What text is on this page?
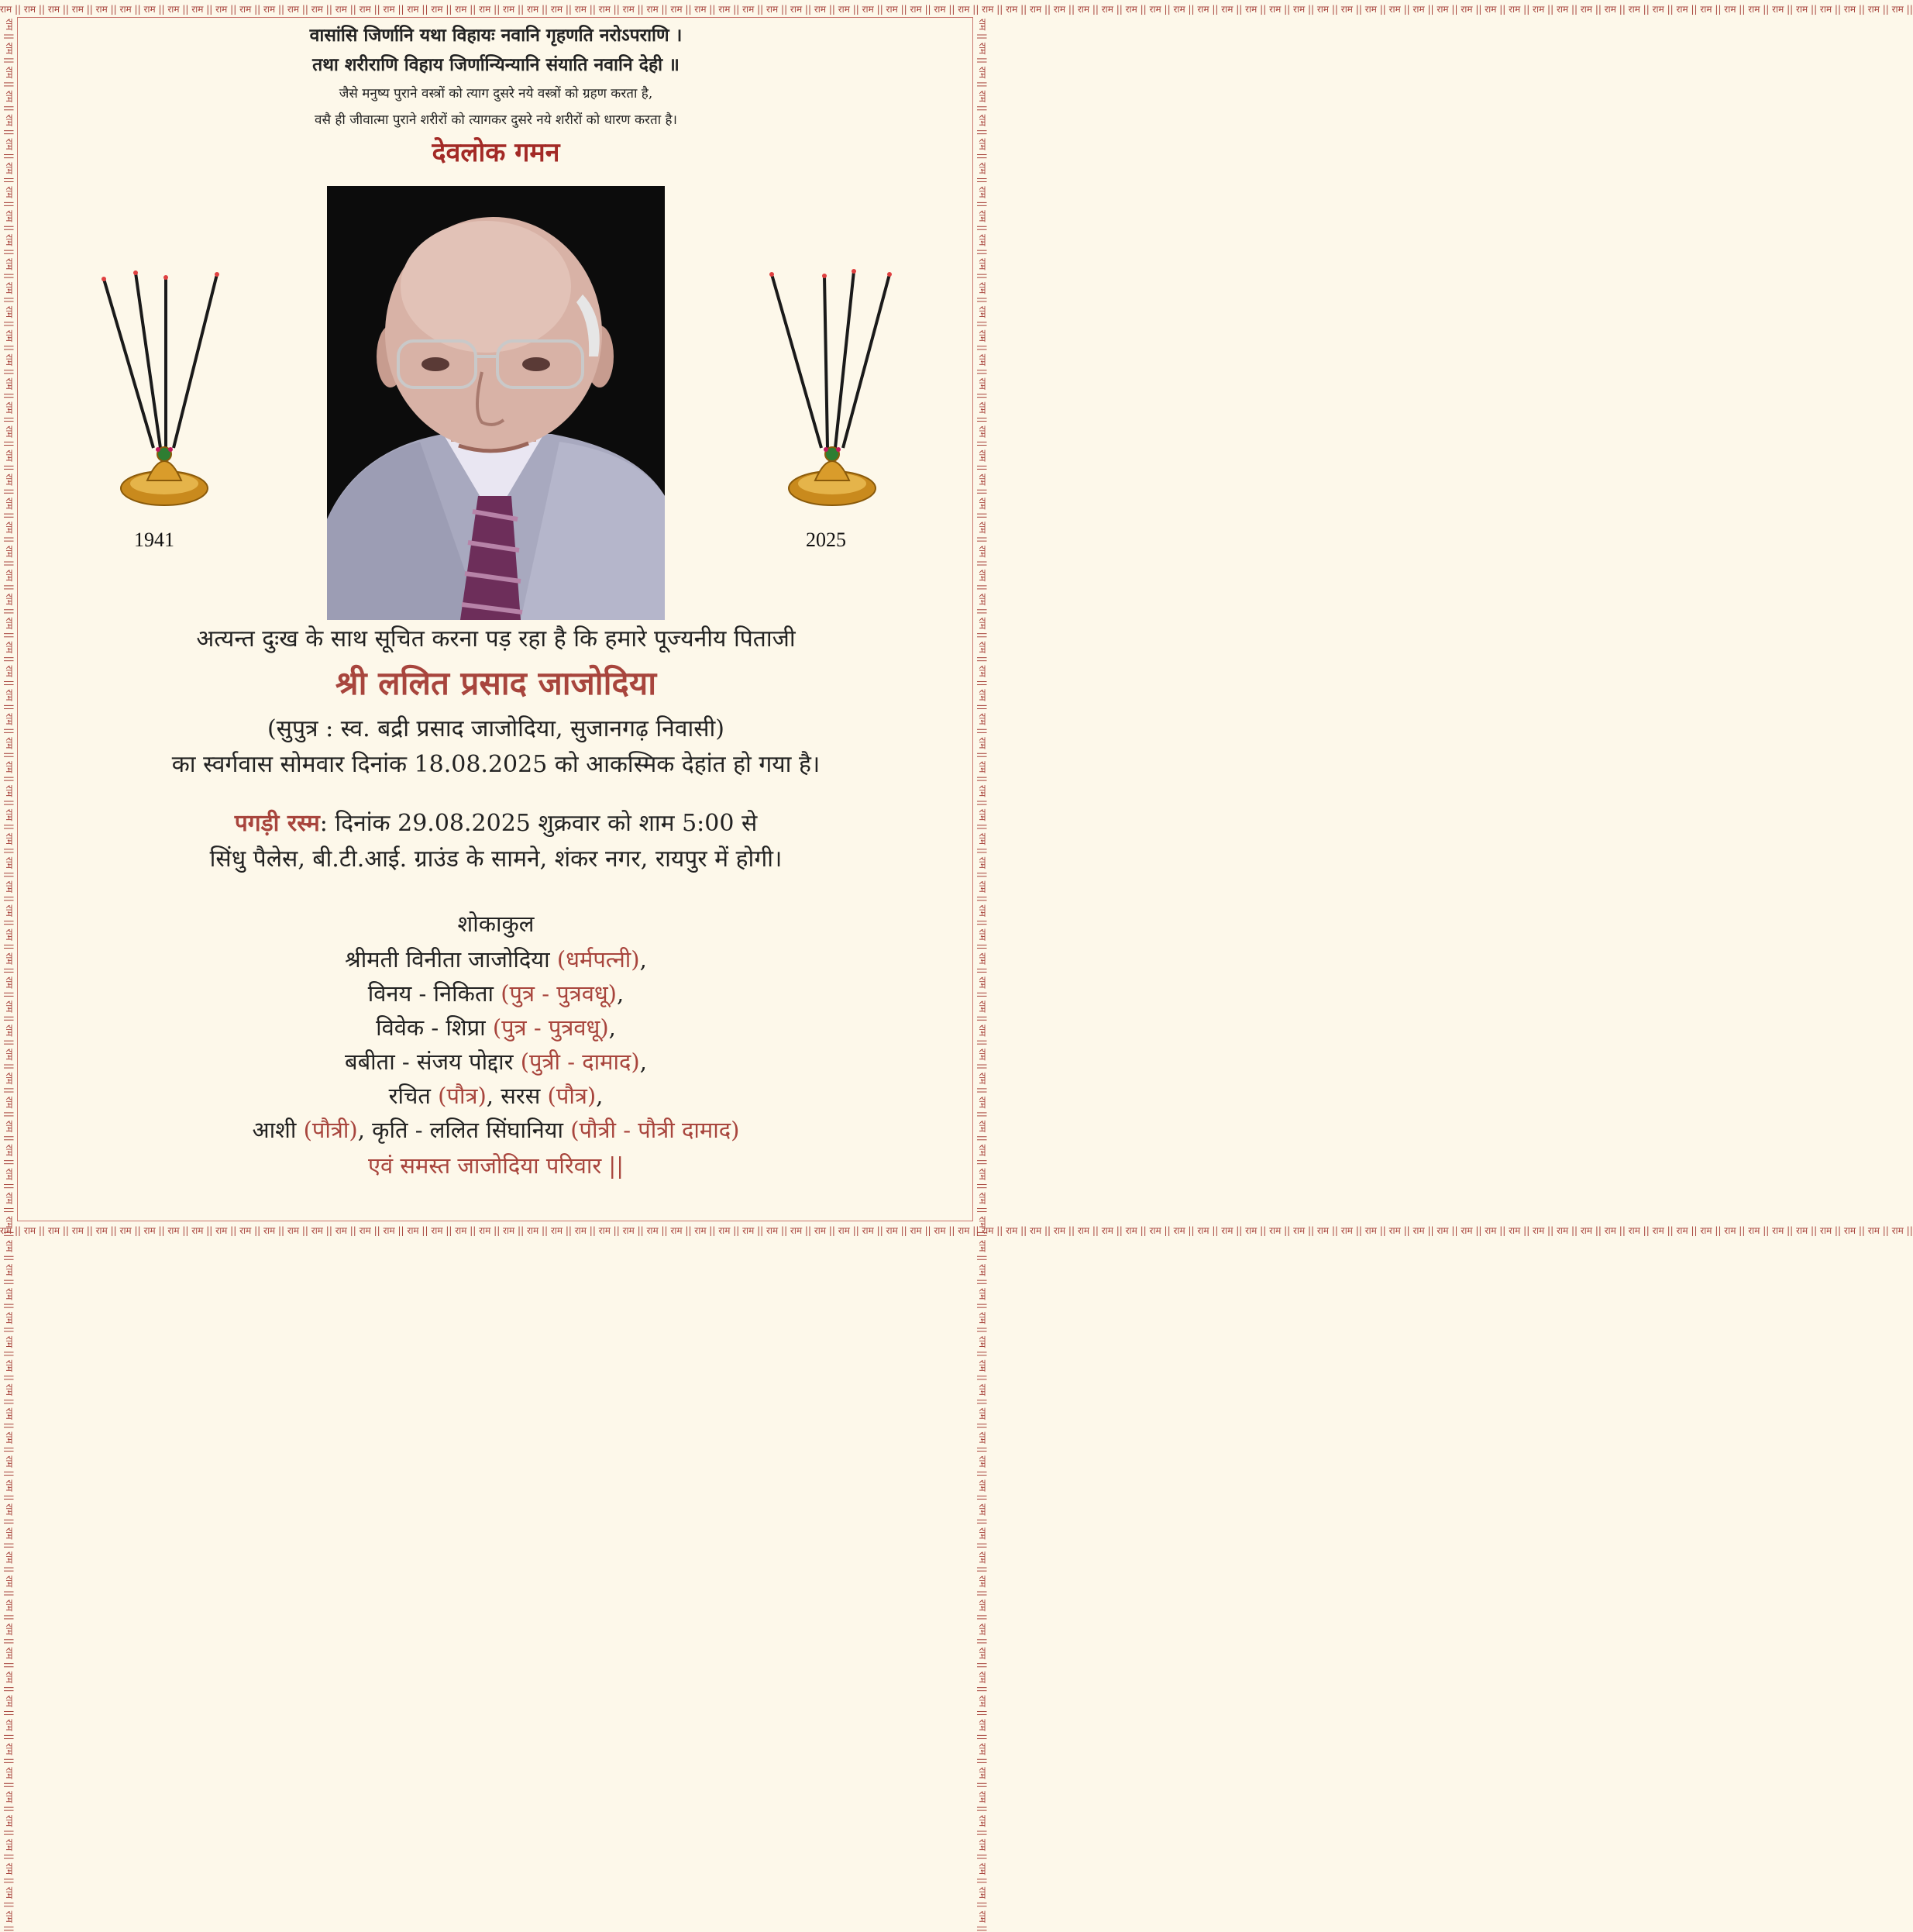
राम || राम || राम || राम || राम || राम || राम || राम || राम || राम || राम || राम || राम || राम || राम || राम || राम || राम || राम || राम || राम || राम || राम || राम || राम || राम || राम || राम || राम || राम || राम || राम || राम || राम || राम || राम || राम || राम || राम || राम || राम || राम || राम || राम || राम || राम || राम || राम || राम || राम || राम || राम || राम || राम || राम || राम || राम || राम || राम || राम || राम || राम || राम || राम || राम || राम || राम || राम || राम || राम || राम || राम || राम || राम || राम || राम || राम || राम || राम || राम ||
राम || राम || राम || राम || राम || राम || राम || राम || राम || राम || राम || राम || राम || राम || राम || राम || राम || राम || राम || राम || राम || राम || राम || राम || राम || राम || राम || राम || राम || राम || राम || राम || राम || राम || राम || राम || राम || राम || राम || राम || राम || राम || राम || राम || राम || राम || राम || राम || राम || राम || राम || राम || राम || राम || राम || राम || राम || राम || राम || राम || राम || राम || राम || राम || राम || राम || राम || राम || राम || राम || राम || राम || राम || राम || राम || राम || राम || राम || राम || राम ||
राम || राम || राम || राम || राम || राम || राम || राम || राम || राम || राम || राम || राम || राम || राम || राम || राम || राम || राम || राम || राम || राम || राम || राम || राम || राम || राम || राम || राम || राम || राम || राम || राम || राम || राम || राम || राम || राम || राम || राम || राम || राम || राम || राम || राम || राम || राम || राम || राम || राम || राम || राम || राम || राम || राम || राम || राम || राम || राम || राम || राम || राम || राम || राम || राम || राम || राम || राम || राम || राम || राम || राम || राम || राम || राम || राम || राम || राम || राम || राम ||	राम || राम || राम || राम || राम || राम || राम || राम || राम || राम || राम || राम || राम || राम || राम || राम || राम || राम || राम || राम || राम || राम || राम || राम || राम || राम || राम || राम || राम || राम || राम || राम || राम || राम || राम || राम || राम || राम || राम || राम || राम || राम || राम || राम || राम || राम || राम || राम || राम || राम || राम || राम || राम || राम || राम || राम || राम || राम || राम || राम || राम || राम || राम || राम || राम || राम || राम || राम || राम || राम || राम || राम || राम || राम || राम || राम || राम || राम || राम || राम ||

वासांसि जिर्णानि यथा विहायः नवानि गृहणति नरोऽपराणि ।

तथा शरीराणि विहाय जिर्णान्यिन्यानि संयाति नवानि देही ॥

जैसे मनुष्य पुराने वस्त्रों को त्याग दुसरे नये वस्त्रों को ग्रहण करता है,

वसै ही जीवात्मा पुराने शरीरों को त्यागकर दुसरे नये शरीरों को धारण करता है।

देवलोक गमन

1941	2025

अत्यन्त दुःख के साथ सूचित करना पड़ रहा है कि हमारे पूज्यनीय पिताजी

श्री ललित प्रसाद जाजोदिया

(सुपुत्र : स्व. बद्री प्रसाद जाजोदिया, सुजानगढ़ निवासी)

का स्वर्गवास सोमवार दिनांक 18.08.2025 को आकस्मिक देहांत हो गया है।

पगड़ी रस्म: दिनांक 29.08.2025 शुक्रवार को शाम 5:00 से

सिंधु पैलेस, बी.टी.आई. ग्राउंड के सामने, शंकर नगर, रायपुर में होगी।

शोकाकुल

श्रीमती विनीता जाजोदिया (धर्मपत्नी),

विनय - निकिता (पुत्र - पुत्रवधू),

विवेक - शिप्रा (पुत्र - पुत्रवधू),

बबीता - संजय पोद्दार (पुत्री - दामाद),

रचित (पौत्र), सरस (पौत्र),

आशी (पौत्री), कृति - ललित सिंघानिया (पौत्री - पौत्री दामाद)

एवं समस्त जाजोदिया परिवार ||
